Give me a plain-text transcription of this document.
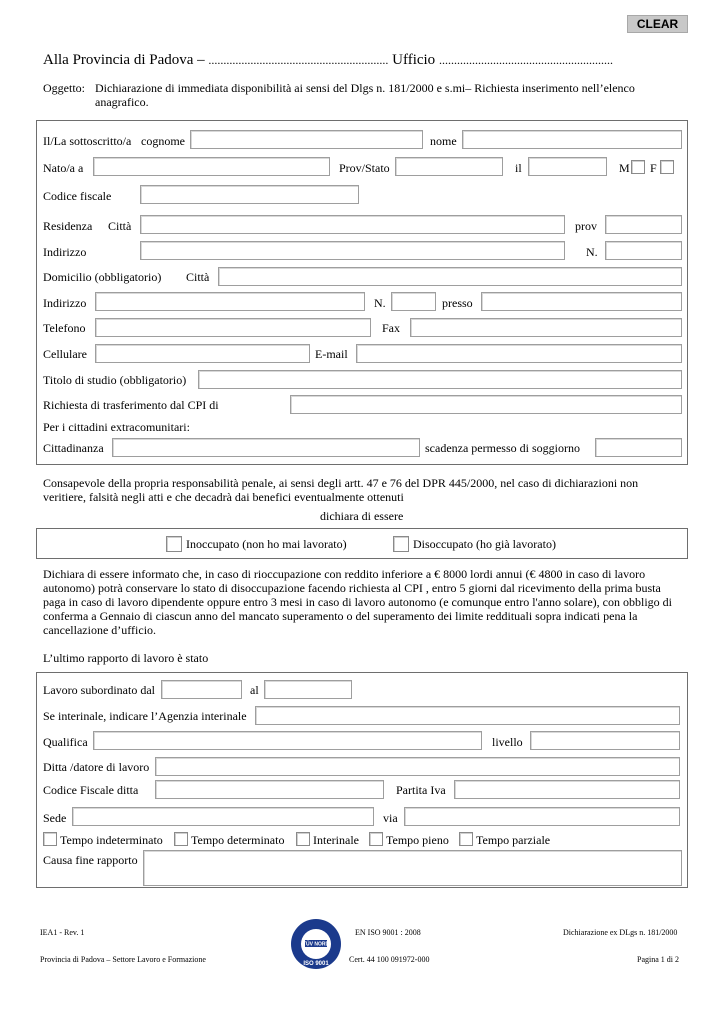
CLEAR
Alla Provincia di Padova – ............................................................ Ufficio ..........................................................
Oggetto: Dichiarazione di immediata disponibilità ai sensi del Dlgs n. 181/2000 e s.mi– Richiesta inserimento nell’elenco
anagrafico.
Il/La sottoscritto/a cognome	nome
Nato/a a	Prov/Stato	il	M F
Codice fiscale
Residenza Città	prov
Indirizzo	N.
Domicilio (obbligatorio) Città
Indirizzo	N.	presso
Telefono	Fax
Cellulare	E-mail
Titolo di studio (obbligatorio)
Richiesta di trasferimento dal CPI di
Per i cittadini extracomunitari:
Cittadinanza	scadenza permesso di soggiorno
Consapevole della propria responsabilità penale, ai sensi degli artt. 47 e 76 del DPR 445/2000, nel caso di dichiarazioni non
veritiere, falsità negli atti e che decadrà dai benefici eventualmente ottenuti
dichiara di essere
Inoccupato (non ho mai lavorato)	Disoccupato (ho già lavorato)
Dichiara di essere informato che, in caso di rioccupazione con reddito inferiore a € 8000 lordi annui (€ 4800 in caso di lavoro
autonomo) potrà conservare lo stato di disoccupazione facendo richiesta al CPI , entro 5 giorni dal ricevimento della prima busta
paga in caso di lavoro dipendente oppure entro 3 mesi in caso di lavoro autonomo (e comunque entro l'anno solare), con obbligo di
conferma a Gennaio di ciascun anno del mancato superamento o del superamento dei limite reddituali sopra indicati pena la
cancellazione d’ufficio.
L’ultimo rapporto di lavoro è stato
Lavoro subordinato dal	al
Se interinale, indicare l’Agenzia interinale
Qualifica	livello
Ditta /datore di lavoro
Codice Fiscale ditta	Partita Iva
Sede	via
Tempo indeterminato Tempo determinato Interinale Tempo pieno Tempo parziale
Causa fine rapporto
IEA1 - Rev. 1	EN ISO 9001 : 2008	Dichiarazione ex DLgs n. 181/2000
Provincia di Padova – Settore Lavoro e Formazione	Cert. 44 100 091972-000	Pagina 1 di 2
TÜV NORD
ISO 9001
